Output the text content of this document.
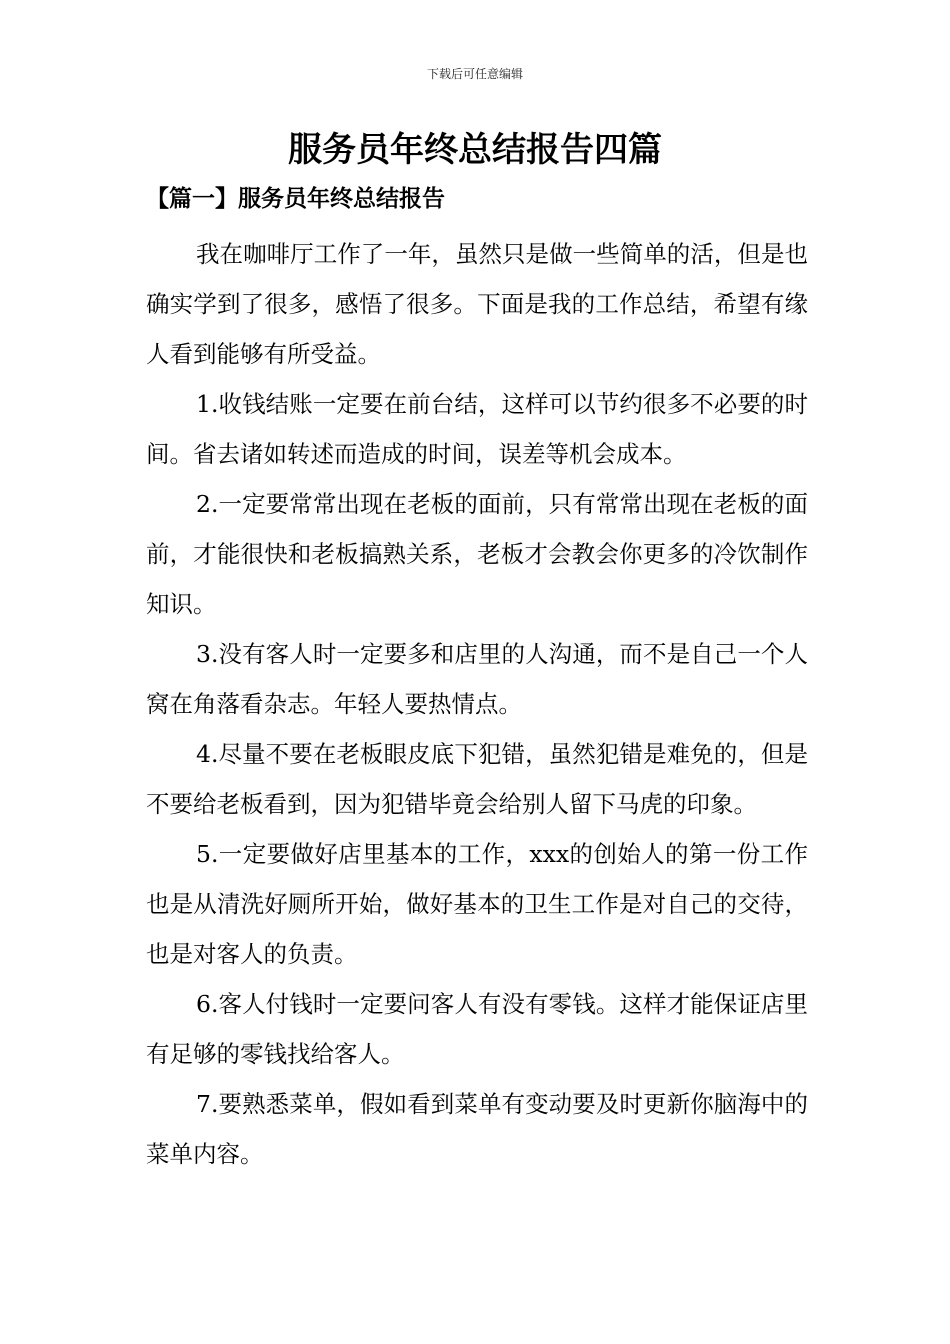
下载后可任意编辑
服务员年终总结报告四篇
【篇一】服务员年终总结报告

我在咖啡厅工作了一年，虽然只是做一些简单的活，但是也确实学到了很多，感悟了很多。下面是我的工作总结，希望有缘人看到能够有所受益。

1.收钱结账一定要在前台结，这样可以节约很多不必要的时间。省去诸如转述而造成的时间，误差等机会成本。

2.一定要常常出现在老板的面前，只有常常出现在老板的面前，才能很快和老板搞熟关系，老板才会教会你更多的冷饮制作知识。

3.没有客人时一定要多和店里的人沟通，而不是自己一个人窝在角落看杂志。年轻人要热情点。

4.尽量不要在老板眼皮底下犯错，虽然犯错是难免的，但是不要给老板看到，因为犯错毕竟会给别人留下马虎的印象。

5.一定要做好店里基本的工作，xxx的创始人的第一份工作也是从清洗好厕所开始，做好基本的卫生工作是对自己的交待，也是对客人的负责。

6.客人付钱时一定要问客人有没有零钱。这样才能保证店里有足够的零钱找给客人。

7.要熟悉菜单，假如看到菜单有变动要及时更新你脑海中的菜单内容。
